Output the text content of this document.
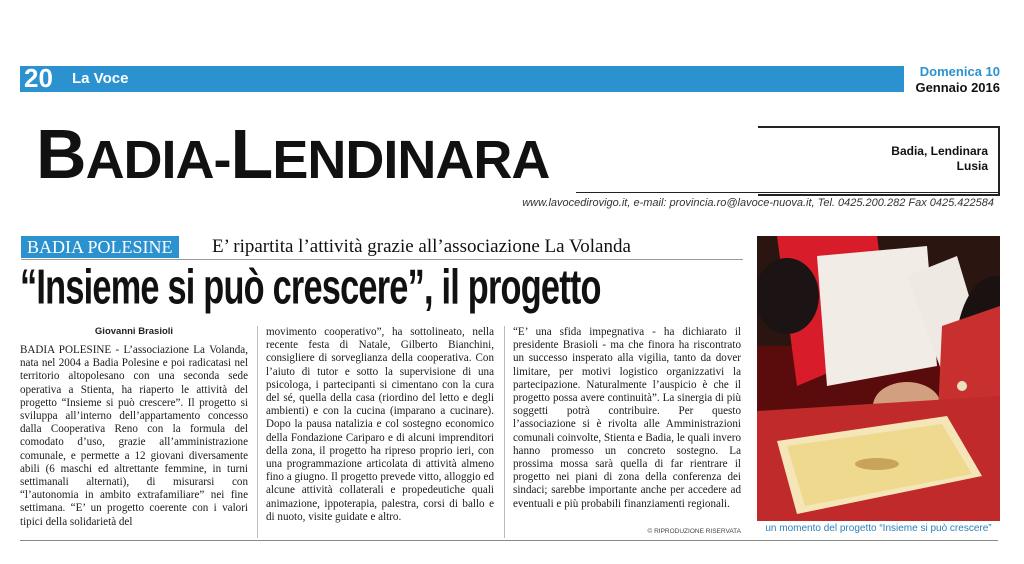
20 La Voce	Domenica 10
Gennaio 2016
BADIA-LENDINARA	Badia, Lendinara
Lusia
www.lavocedirovigo.it, e-mail: provincia.ro@lavoce-nuova.it, Tel. 0425.200.282 Fax 0425.422584
BADIA POLESINE	E’ ripartita l’attività grazie all’associazione La Volanda
“Insieme si può crescere”, il progetto
Giovanni Brasioli

BADIA POLESINE - L’associazione La Volanda, nata nel 2004 a Badia Polesine e poi radicatasi nel territorio altopolesano con una seconda sede operativa a Stienta, ha riaperto le attività del progetto “Insieme si può crescere”. Il progetto si sviluppa all’interno dell’appartamento concesso dalla Cooperativa Reno con la formula del comodato d’uso, grazie all’amministrazione comunale, e permette a 12 giovani diversamente abili (6 maschi ed altrettante femmine, in turni settimanali alternati), di misurarsi con “l’autonomia in ambito extrafamiliare” nei fine settimana. “E’ un progetto coerente con i valori tipici della solidarietà del

movimento cooperativo”, ha sottolineato, nella recente festa di Natale, Gilberto Bianchini, consigliere di sorveglianza della cooperativa. Con l’aiuto di tutor e sotto la supervisione di una psicologa, i partecipanti si cimentano con la cura del sé, quella della casa (riordino del letto e degli ambienti) e con la cucina (imparano a cucinare). Dopo la pausa natalizia e col sostegno economico della Fondazione Cariparo e di alcuni imprenditori della zona, il progetto ha ripreso proprio ieri, con una programmazione articolata di attività almeno fino a giugno. Il progetto prevede vitto, alloggio ed alcune attività collaterali e propedeutiche quali animazione, ippoterapia, palestra, corsi di ballo e di nuoto, visite guidate e altro.

“E’ una sfida impegnativa - ha dichiarato il presidente Brasioli - ma che finora ha riscontrato un successo insperato alla vigilia, tanto da dover limitare, per motivi logistico organizzativi la partecipazione. Naturalmente l’auspicio è che il progetto possa avere continuità”. La sinergia di più soggetti potrà contribuire. Per questo l’associazione si è rivolta alle Amministrazioni comunali coinvolte, Stienta e Badia, le quali invero hanno promesso un concreto sostegno. La prossima mossa sarà quella di far rientrare il progetto nei piani di zona della conferenza dei sindaci; sarebbe importante anche per accedere ad eventuali e più probabili finanziamenti regionali.

© RIPRODUZIONE RISERVATA	un momento del progetto “Insieme si può crescere”
